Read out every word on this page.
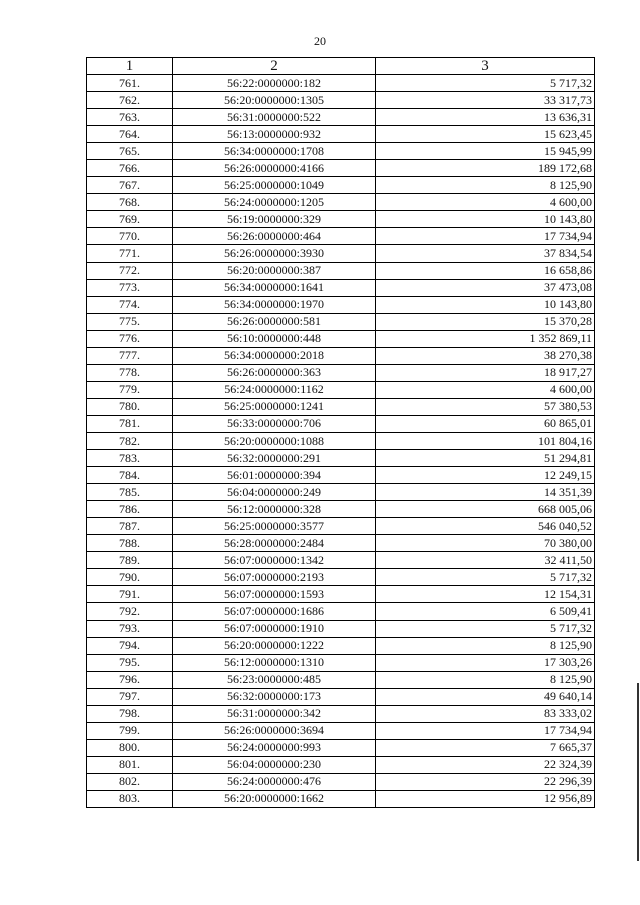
20
1	2	3
761.	56:22:0000000:182	5 717,32
762.	56:20:0000000:1305	33 317,73
763.	56:31:0000000:522	13 636,31
764.	56:13:0000000:932	15 623,45
765.	56:34:0000000:1708	15 945,99
766.	56:26:0000000:4166	189 172,68
767.	56:25:0000000:1049	8 125,90
768.	56:24:0000000:1205	4 600,00
769.	56:19:0000000:329	10 143,80
770.	56:26:0000000:464	17 734,94
771.	56:26:0000000:3930	37 834,54
772.	56:20:0000000:387	16 658,86
773.	56:34:0000000:1641	37 473,08
774.	56:34:0000000:1970	10 143,80
775.	56:26:0000000:581	15 370,28
776.	56:10:0000000:448	1 352 869,11
777.	56:34:0000000:2018	38 270,38
778.	56:26:0000000:363	18 917,27
779.	56:24:0000000:1162	4 600,00
780.	56:25:0000000:1241	57 380,53
781.	56:33:0000000:706	60 865,01
782.	56:20:0000000:1088	101 804,16
783.	56:32:0000000:291	51 294,81
784.	56:01:0000000:394	12 249,15
785.	56:04:0000000:249	14 351,39
786.	56:12:0000000:328	668 005,06
787.	56:25:0000000:3577	546 040,52
788.	56:28:0000000:2484	70 380,00
789.	56:07:0000000:1342	32 411,50
790.	56:07:0000000:2193	5 717,32
791.	56:07:0000000:1593	12 154,31
792.	56:07:0000000:1686	6 509,41
793.	56:07:0000000:1910	5 717,32
794.	56:20:0000000:1222	8 125,90
795.	56:12:0000000:1310	17 303,26
796.	56:23:0000000:485	8 125,90
797.	56:32:0000000:173	49 640,14
798.	56:31:0000000:342	83 333,02
799.	56:26:0000000:3694	17 734,94
800.	56:24:0000000:993	7 665,37
801.	56:04:0000000:230	22 324,39
802.	56:24:0000000:476	22 296,39
803.	56:20:0000000:1662	12 956,89
